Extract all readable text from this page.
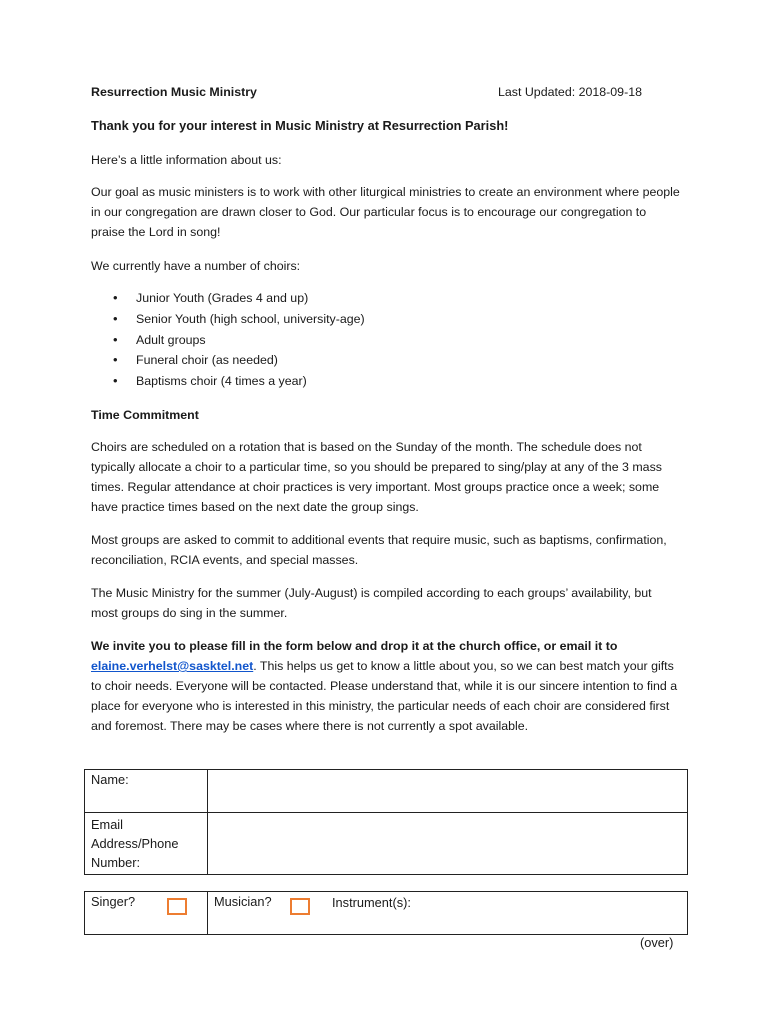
Resurrection Music Ministry	Last Updated: 2018-09-18

Thank you for your interest in Music Ministry at Resurrection Parish!

Here’s a little information about us:

Our goal as music ministers is to work with other liturgical ministries to create an environment where people in our congregation are drawn closer to God. Our particular focus is to encourage our congregation to praise the Lord in song!

We currently have a number of choirs:

• Junior Youth (Grades 4 and up)
• Senior Youth (high school, university-age)
• Adult groups
• Funeral choir (as needed)
• Baptisms choir (4 times a year)

Time Commitment

Choirs are scheduled on a rotation that is based on the Sunday of the month. The schedule does not typically allocate a choir to a particular time, so you should be prepared to sing/play at any of the 3 mass times. Regular attendance at choir practices is very important. Most groups practice once a week; some have practice times based on the next date the group sings.

Most groups are asked to commit to additional events that require music, such as baptisms, confirmation, reconciliation, RCIA events, and special masses.

The Music Ministry for the summer (July-August) is compiled according to each groups’ availability, but most groups do sing in the summer.

We invite you to please fill in the form below and drop it at the church office, or email it to elaine.verhelst@sasktel.net. This helps us get to know a little about you, so we can best match your gifts to choir needs. Everyone will be contacted. Please understand that, while it is our sincere intention to find a place for everyone who is interested in this ministry, the particular needs of each choir are considered first and foremost. There may be cases where there is not currently a spot available.

Name:	
Email Address/Phone Number:	
Singer?	Musician?	Instrument(s):
(over)
